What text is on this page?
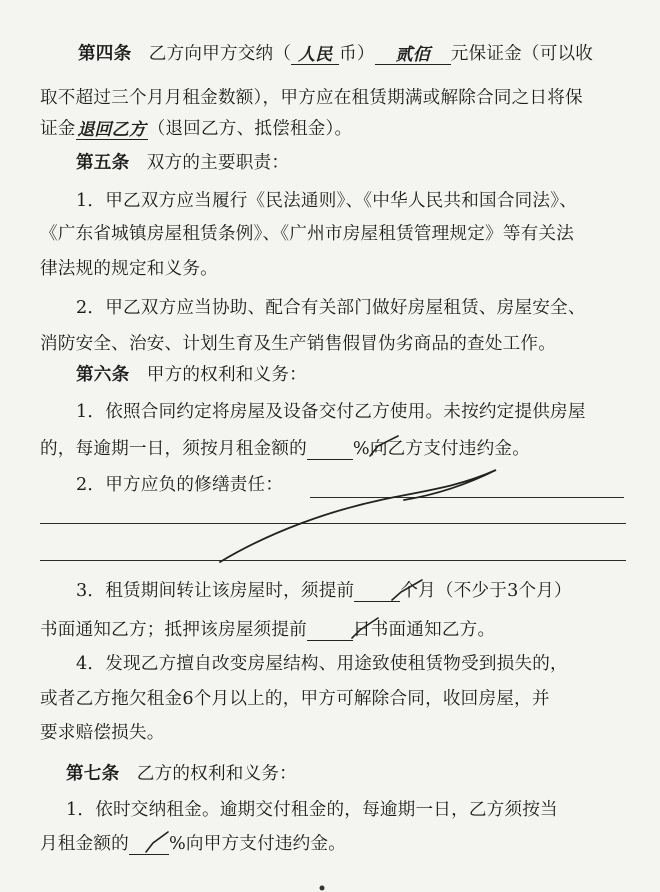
第四条 乙方向甲方交纳（ 人民 币） 贰佰 元保证金（可以收
取不超过三个月月租金数额），甲方应在租赁期满或解除合同之日将保
证金退回乙方（退回乙方、抵偿租金）。
第五条 双方的主要职责：
1．甲乙双方应当履行《民法通则》、《中华人民共和国合同法》、
《广东省城镇房屋租赁条例》、《广州市房屋租赁管理规定》等有关法
律法规的规定和义务。
2．甲乙双方应当协助、配合有关部门做好房屋租赁、房屋安全、
消防安全、治安、计划生育及生产销售假冒伪劣商品的查处工作。
第六条 甲方的权利和义务：
1．依照合同约定将房屋及设备交付乙方使用。未按约定提供房屋
的，每逾期一日，须按月租金额的	%向乙方支付违约金。
2．甲方应负的修缮责任：
3．租赁期间转让该房屋时，须提前	个月（不少于3个月）
书面通知乙方；抵押该房屋须提前	日书面通知乙方。
4．发现乙方擅自改变房屋结构、用途致使租赁物受到损失的，
或者乙方拖欠租金6个月以上的，甲方可解除合同，收回房屋，并
要求赔偿损失。
第七条 乙方的权利和义务：
1．依时交纳租金。逾期交付租金的，每逾期一日，乙方须按当
月租金额的 %向甲方支付违约金。
